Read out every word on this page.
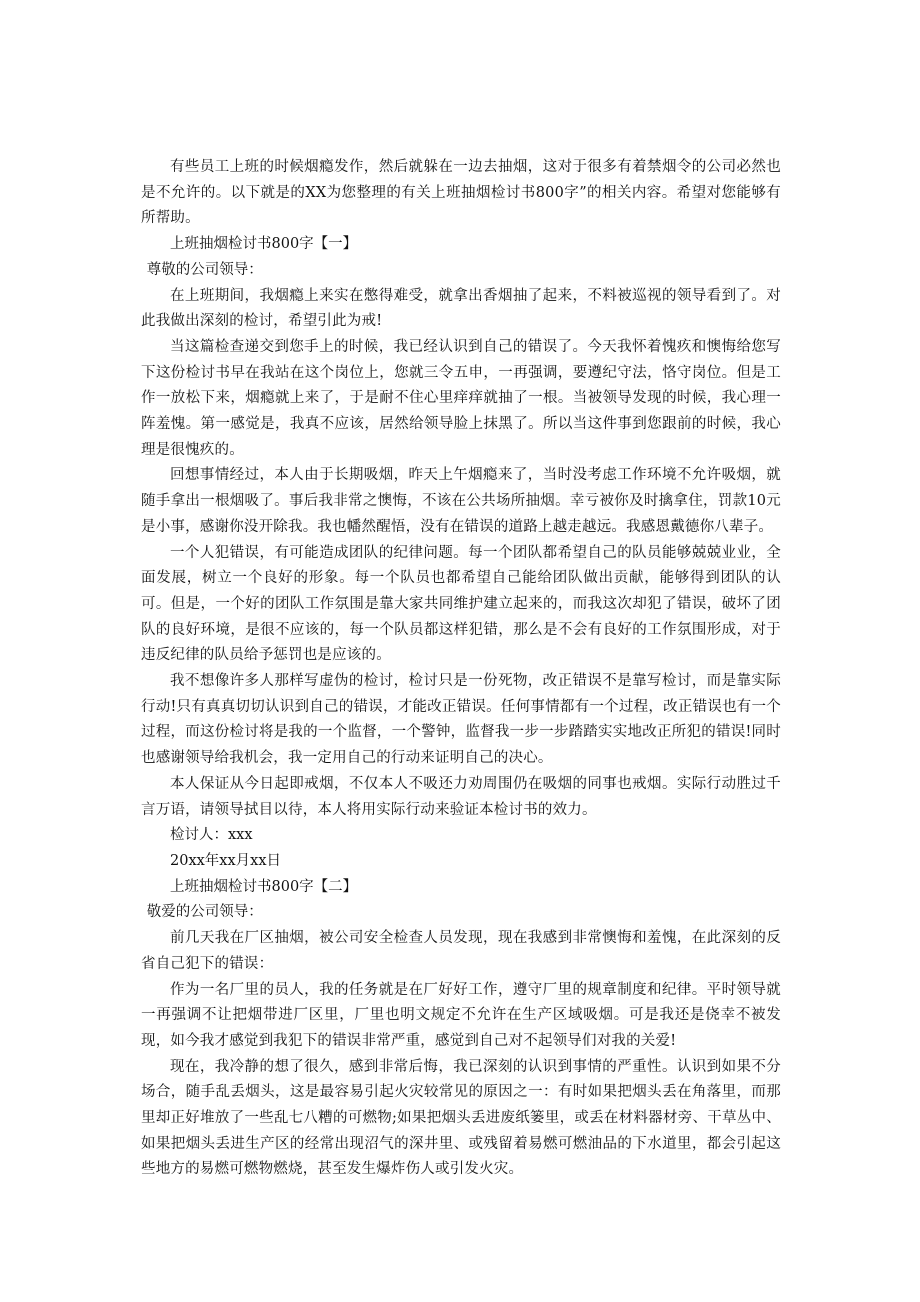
有些员工上班的时候烟瘾发作，然后就躲在一边去抽烟，这对于很多有着禁烟令的公司必然也是不允许的。以下就是的XX为您整理的有关上班抽烟检讨书800字”的相关内容。希望对您能够有所帮助。

上班抽烟检讨书800字【一】

尊敬的公司领导：

在上班期间，我烟瘾上来实在憋得难受，就拿出香烟抽了起来，不料被巡视的领导看到了。对此我做出深刻的检讨，希望引此为戒!

当这篇检查递交到您手上的时候，我已经认识到自己的错误了。今天我怀着愧疚和懊悔给您写下这份检讨书早在我站在这个岗位上，您就三令五申，一再强调，要遵纪守法，恪守岗位。但是工作一放松下来，烟瘾就上来了，于是耐不住心里痒痒就抽了一根。当被领导发现的时候，我心理一阵羞愧。第一感觉是，我真不应该，居然给领导脸上抹黑了。所以当这件事到您跟前的时候，我心理是很愧疚的。

回想事情经过，本人由于长期吸烟，昨天上午烟瘾来了，当时没考虑工作环境不允许吸烟，就随手拿出一根烟吸了。事后我非常之懊悔，不该在公共场所抽烟。幸亏被你及时擒拿住，罚款10元是小事，感谢你没开除我。我也幡然醒悟，没有在错误的道路上越走越远。我感恩戴德你八辈子。

一个人犯错误，有可能造成团队的纪律问题。每一个团队都希望自己的队员能够兢兢业业，全面发展，树立一个良好的形象。每一个队员也都希望自己能给团队做出贡献，能够得到团队的认可。但是，一个好的团队工作氛围是靠大家共同维护建立起来的，而我这次却犯了错误，破坏了团队的良好环境，是很不应该的，每一个队员都这样犯错，那么是不会有良好的工作氛围形成，对于违反纪律的队员给予惩罚也是应该的。

我不想像许多人那样写虚伪的检讨，检讨只是一份死物，改正错误不是靠写检讨，而是靠实际行动!只有真真切切认识到自己的错误，才能改正错误。任何事情都有一个过程，改正错误也有一个过程，而这份检讨将是我的一个监督，一个警钟，监督我一步一步踏踏实实地改正所犯的错误!同时也感谢领导给我机会，我一定用自己的行动来证明自己的决心。

本人保证从今日起即戒烟，不仅本人不吸还力劝周围仍在吸烟的同事也戒烟。实际行动胜过千言万语，请领导拭目以待，本人将用实际行动来验证本检讨书的效力。

检讨人：xxx

20xx年xx月xx日

上班抽烟检讨书800字【二】

敬爱的公司领导：

前几天我在厂区抽烟，被公司安全检查人员发现，现在我感到非常懊悔和羞愧，在此深刻的反省自己犯下的错误：

作为一名厂里的员人，我的任务就是在厂好好工作，遵守厂里的规章制度和纪律。平时领导就一再强调不让把烟带进厂区里，厂里也明文规定不允许在生产区域吸烟。可是我还是侥幸不被发现，如今我才感觉到我犯下的错误非常严重，感觉到自己对不起领导们对我的关爱!

现在，我冷静的想了很久，感到非常后悔，我已深刻的认识到事情的严重性。认识到如果不分场合，随手乱丢烟头，这是最容易引起火灾较常见的原因之一：有时如果把烟头丢在角落里，而那里却正好堆放了一些乱七八糟的可燃物;如果把烟头丢进废纸篓里，或丢在材料器材旁、干草丛中、如果把烟头丢进生产区的经常出现沼气的深井里、或残留着易燃可燃油品的下水道里，都会引起这些地方的易燃可燃物燃烧，甚至发生爆炸伤人或引发火灾。
